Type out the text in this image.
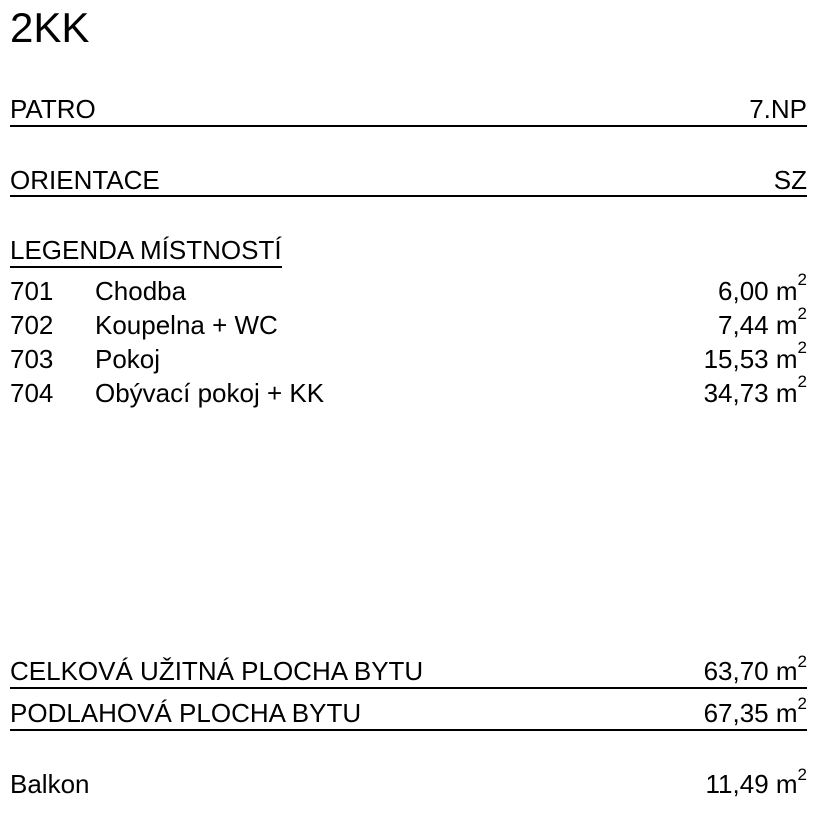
2KK
PATRO	7.NP
ORIENTACE	SZ
LEGENDA MÍSTNOSTÍ
701 Chodba	6,00 $m^2$
702 Koupelna + WC	7,44 $m^2$
703 Pokoj	15,53 $m^2$
704 Obývací pokoj + KK	34,73 $m^2$
CELKOVÁ UŽITNÁ PLOCHA BYTU	63,70 $m^2$
PODLAHOVÁ PLOCHA BYTU	67,35 $m^2$
Balkon	11,49 $m^2$
